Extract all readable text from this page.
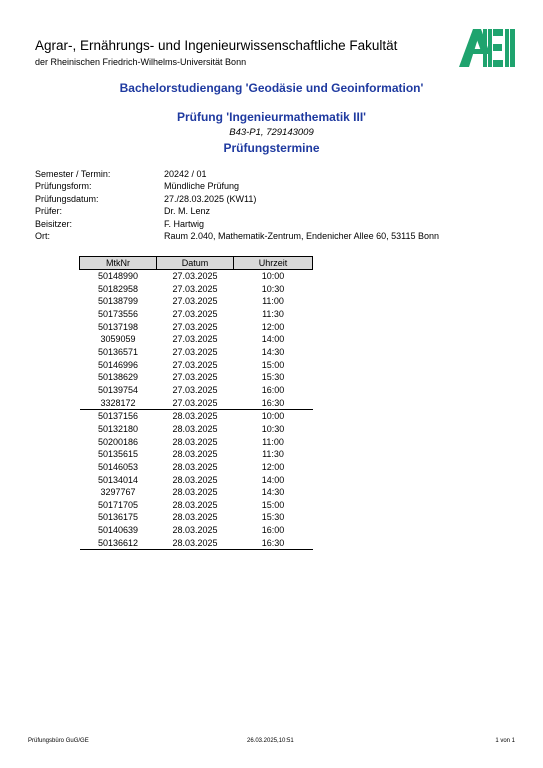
Agrar-, Ernährungs- und Ingenieurwissenschaftliche Fakultät
der Rheinischen Friedrich-Wilhelms-Universität Bonn
Bachelorstudiengang 'Geodäsie und Geoinformation'
Prüfung 'Ingenieurmathematik III'
B43-P1, 729143009
Prüfungstermine
Semester / Termin:	20242 / 01
Prüfungsform:	Mündliche Prüfung
Prüfungsdatum:	27./28.03.2025 (KW11)
Prüfer:	Dr. M. Lenz
Beisitzer:	F. Hartwig
Ort:	Raum 2.040, Mathematik-Zentrum, Endenicher Allee 60, 53115 Bonn
MtkNr	Datum	Uhrzeit
50148990	27.03.2025	10:00
50182958	27.03.2025	10:30
50138799	27.03.2025	11:00
50173556	27.03.2025	11:30
50137198	27.03.2025	12:00
3059059	27.03.2025	14:00
50136571	27.03.2025	14:30
50146996	27.03.2025	15:00
50138629	27.03.2025	15:30
50139754	27.03.2025	16:00
3328172	27.03.2025	16:30
50137156	28.03.2025	10:00
50132180	28.03.2025	10:30
50200186	28.03.2025	11:00
50135615	28.03.2025	11:30
50146053	28.03.2025	12:00
50134014	28.03.2025	14:00
3297767	28.03.2025	14:30
50171705	28.03.2025	15:00
50136175	28.03.2025	15:30
50140639	28.03.2025	16:00
50136612	28.03.2025	16:30
Prüfungsbüro GuG/GE	26.03.2025,10:51	1 von 1
